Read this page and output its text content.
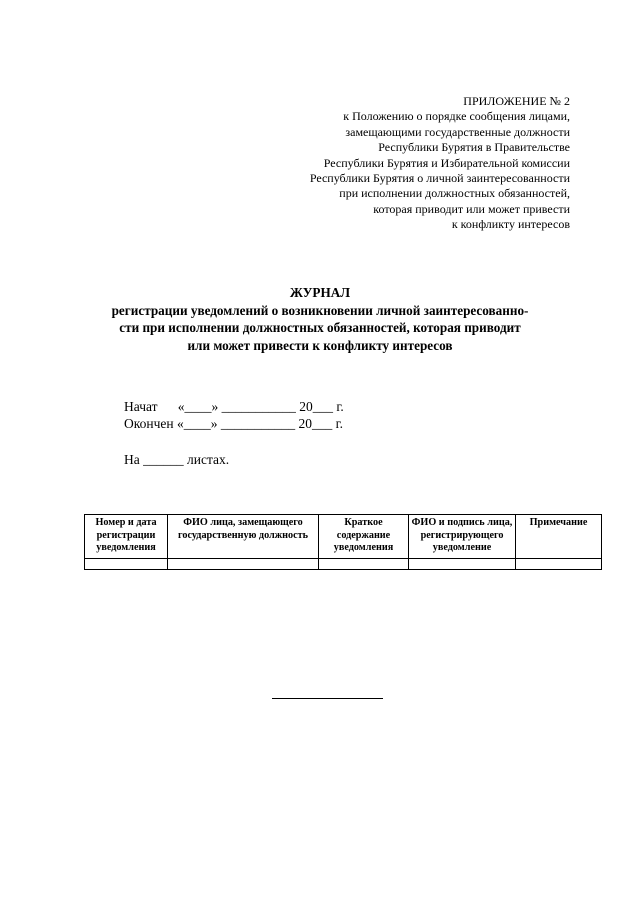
ПРИЛОЖЕНИЕ № 2
к Положению о порядке сообщения лицами,
замещающими государственные должности
Республики Бурятия в Правительстве
Республики Бурятия и Избирательной комиссии
Республики Бурятия о личной заинтересованности
при исполнении должностных обязанностей,
которая приводит или может привести
к конфликту интересов
ЖУРНАЛ
регистрации уведомлений о возникновении личной заинтересованно-
сти при исполнении должностных обязанностей, которая приводит
или может привести к конфликту интересов
Начат      «____» ___________ 20___ г.
Окончен «____» ___________ 20___ г.
На ______ листах.
Номер и дата регистрации уведомления	ФИО лица, замещающего государственную должность	Краткое содержание уведомления	ФИО и подпись лица, регистрирующего уведомление	Примечание
